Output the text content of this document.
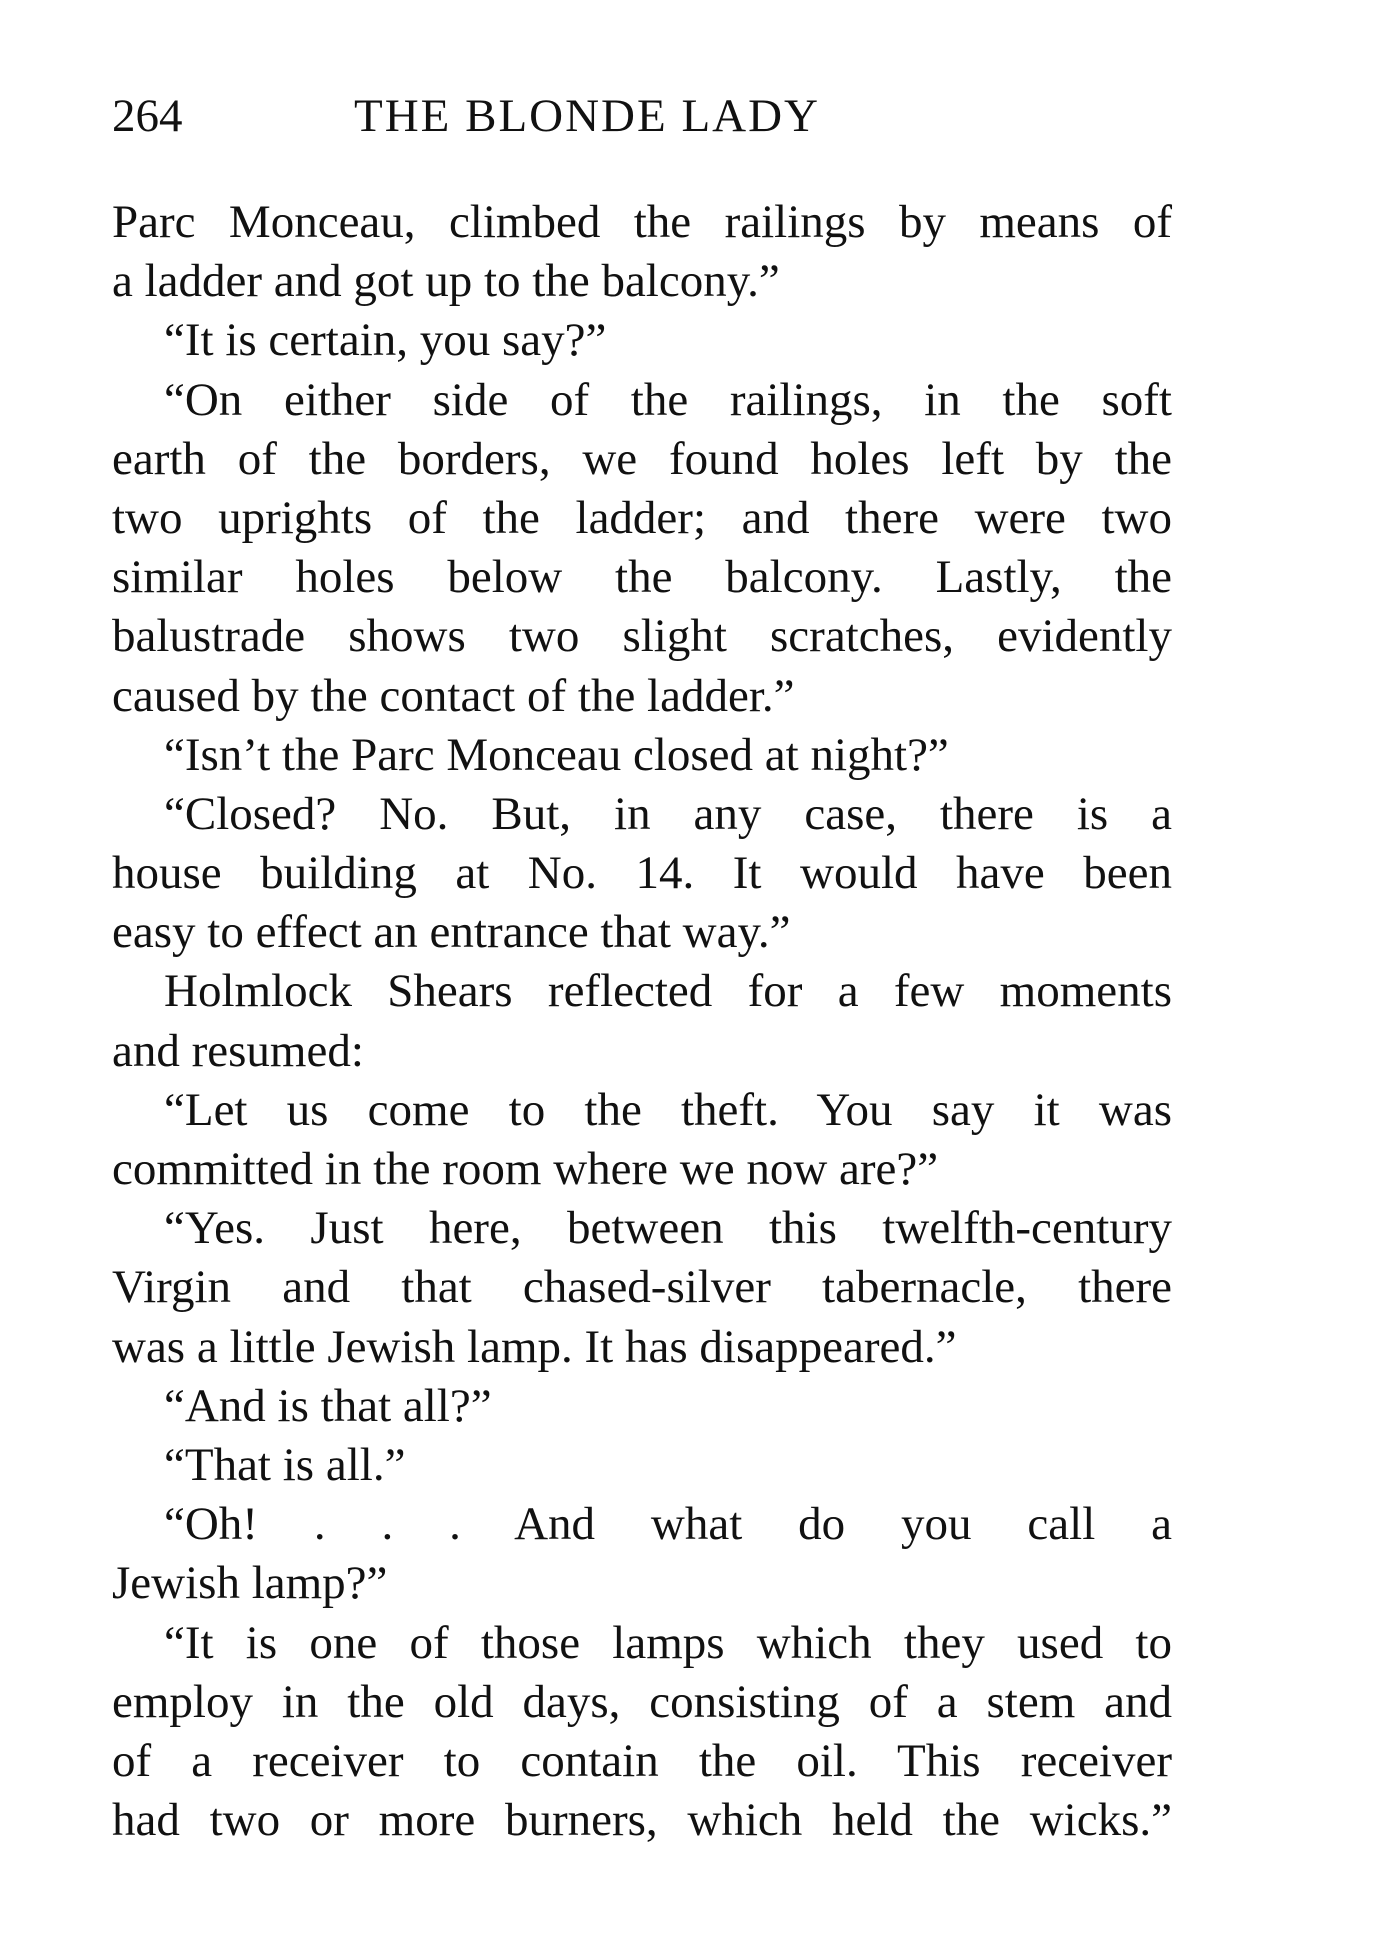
264	THE BLONDE LADY
Parc Monceau, climbed the railings by means of
a ladder and got up to the balcony.”
“It is certain, you say?”
“On either side of the railings, in the soft
earth of the borders, we found holes left by the
two uprights of the ladder; and there were two
similar holes below the balcony. Lastly, the
balustrade shows two slight scratches, evidently
caused by the contact of the ladder.”
“Isn’t the Parc Monceau closed at night?”
“Closed? No. But, in any case, there is a
house building at No. 14. It would have been
easy to effect an entrance that way.”
Holmlock Shears reflected for a few moments
and resumed:
“Let us come to the theft. You say it was
committed in the room where we now are?”
“Yes. Just here, between this twelfth-century
Virgin and that chased-silver tabernacle, there
was a little Jewish lamp. It has disappeared.”
“And is that all?”
“That is all.”
“Oh! . . . And what do you call a
Jewish lamp?”
“It is one of those lamps which they used to
employ in the old days, consisting of a stem and
of a receiver to contain the oil. This receiver
had two or more burners, which held the wicks.”
